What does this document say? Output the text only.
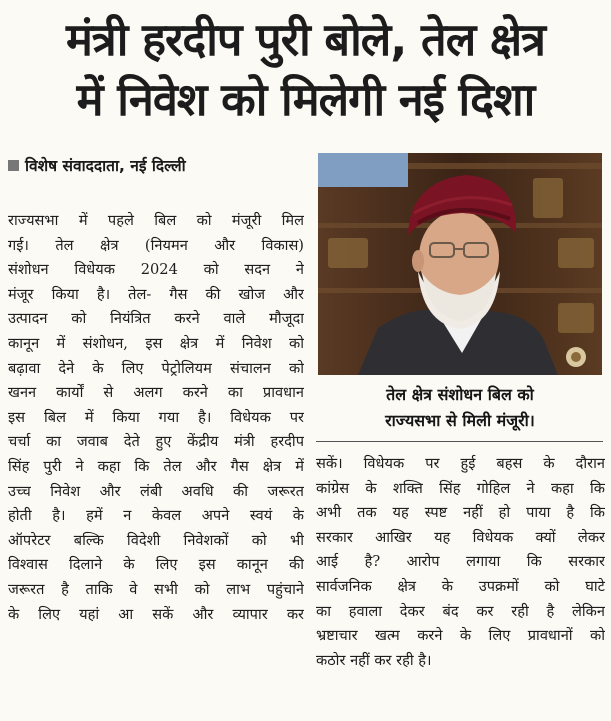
मंत्री हरदीप पुरी बोले, तेल क्षेत्र
में निवेश को मिलेगी नई दिशा
विशेष संवाददाता, नई दिल्ली
राज्यसभा में पहले बिल को मंजूरी मिल
गई। तेल क्षेत्र (नियमन और विकास)
संशोधन विधेयक 2024 को सदन ने
मंजूर किया है। तेल- गैस की खोज और
उत्पादन को नियंत्रित करने वाले मौजूदा
कानून में संशोधन, इस क्षेत्र में निवेश को
बढ़ावा देने के लिए पेट्रोलियम संचालन को
खनन कार्यों से अलग करने का प्रावधान
इस बिल में किया गया है। विधेयक पर
चर्चा का जवाब देते हुए केंद्रीय मंत्री हरदीप
सिंह पुरी ने कहा कि तेल और गैस क्षेत्र में
उच्च निवेश और लंबी अवधि की जरूरत
होती है। हमें न केवल अपने स्वयं के
ऑपरेटर बल्कि विदेशी निवेशकों को भी
विश्वास दिलाने के लिए इस कानून की
जरूरत है ताकि वे सभी को लाभ पहुंचाने
के लिए यहां आ सकें और व्यापार कर
तेल क्षेत्र संशोधन बिल को
राज्यसभा से मिली मंजूरी।
सकें। विधेयक पर हुई बहस के दौरान
कांग्रेस के शक्ति सिंह गोहिल ने कहा कि
अभी तक यह स्पष्ट नहीं हो पाया है कि
सरकार आखिर यह विधेयक क्यों लेकर
आई है? आरोप लगाया कि सरकार
सार्वजनिक क्षेत्र के उपक्रमों को घाटे
का हवाला देकर बंद कर रही है लेकिन
भ्रष्टाचार खत्म करने के लिए प्रावधानों को
कठोर नहीं कर रही है।
